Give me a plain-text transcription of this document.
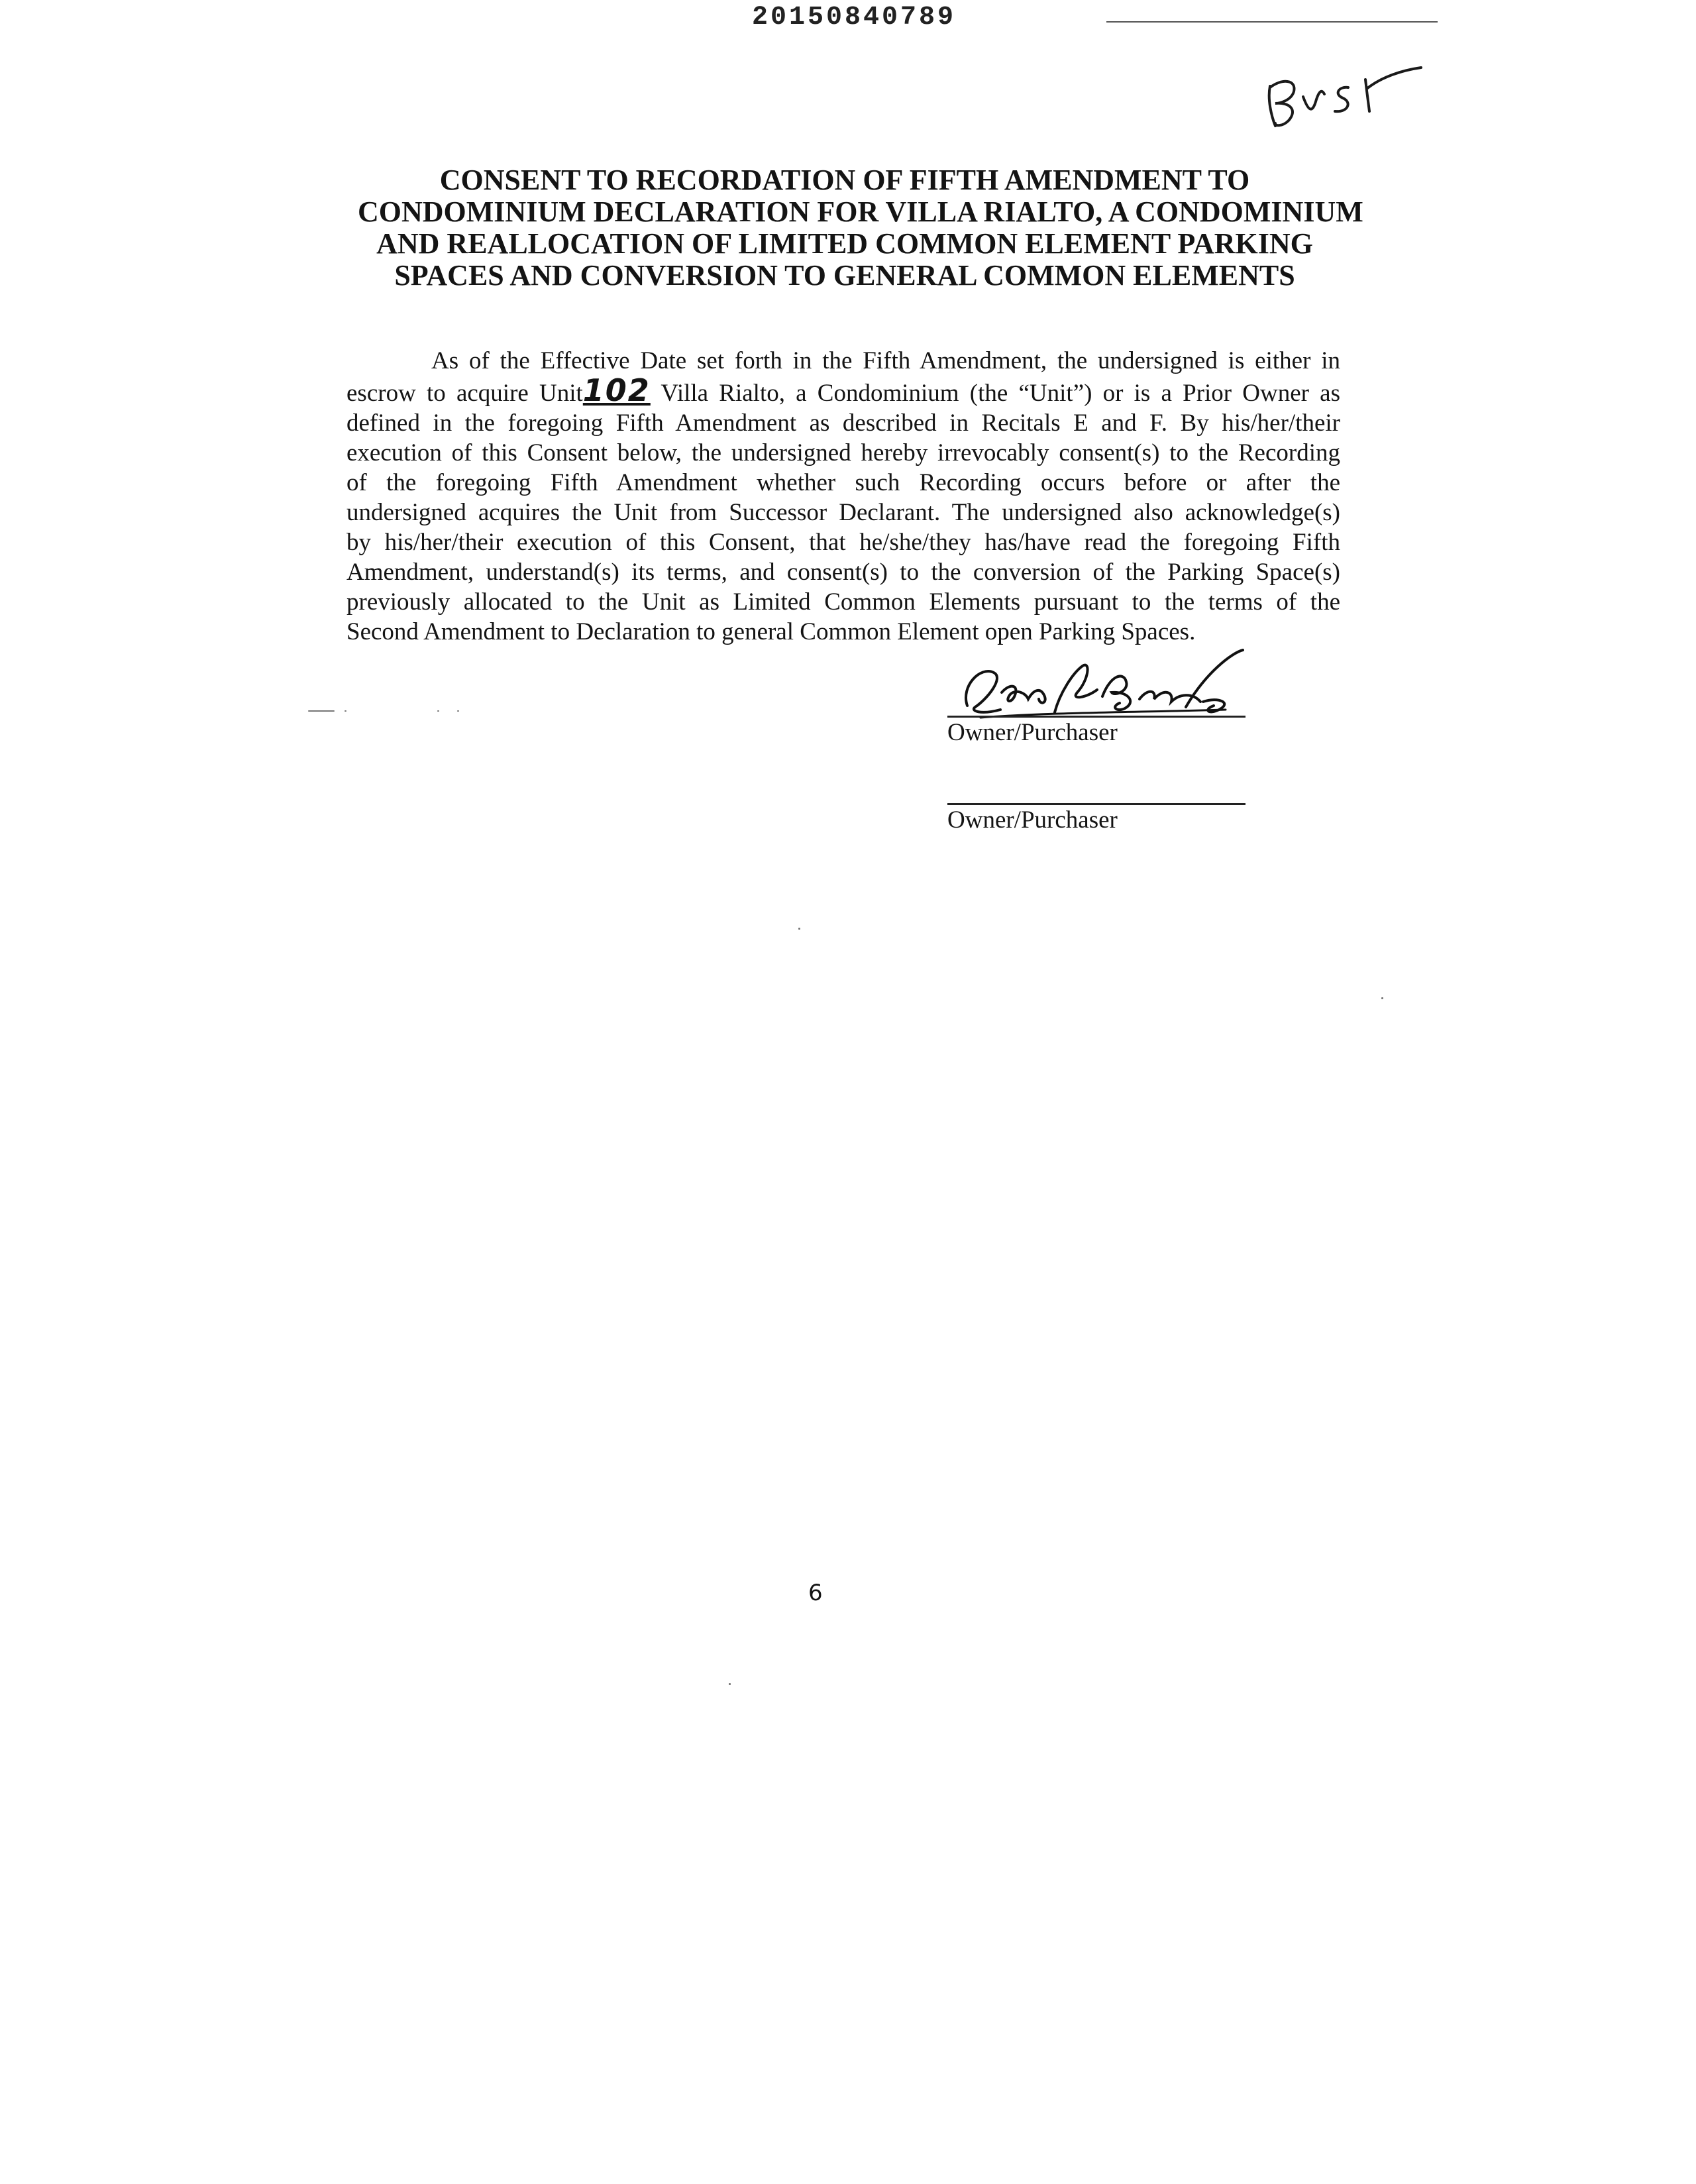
20150840789
CONSENT TO RECORDATION OF FIFTH AMENDMENT TO
CONDOMINIUM DECLARATION FOR VILLA RIALTO, A CONDOMINIUM
AND REALLOCATION OF LIMITED COMMON ELEMENT PARKING
SPACES AND CONVERSION TO GENERAL COMMON ELEMENTS
As of the Effective Date set forth in the Fifth Amendment, the undersigned is either in
escrow to acquire Unit102 Villa Rialto, a Condominium (the “Unit”) or is a Prior Owner as
defined in the foregoing Fifth Amendment as described in Recitals E and F. By his/her/their
execution of this Consent below, the undersigned hereby irrevocably consent(s) to the Recording
of the foregoing Fifth Amendment whether such Recording occurs before or after the
undersigned acquires the Unit from Successor Declarant. The undersigned also acknowledge(s)
by his/her/their execution of this Consent, that he/she/they has/have read the foregoing Fifth
Amendment, understand(s) its terms, and consent(s) to the conversion of the Parking Space(s)
previously allocated to the Unit as Limited Common Elements pursuant to the terms of the
Second Amendment to Declaration to general Common Element open Parking Spaces.
Owner/Purchaser
Owner/Purchaser
6
